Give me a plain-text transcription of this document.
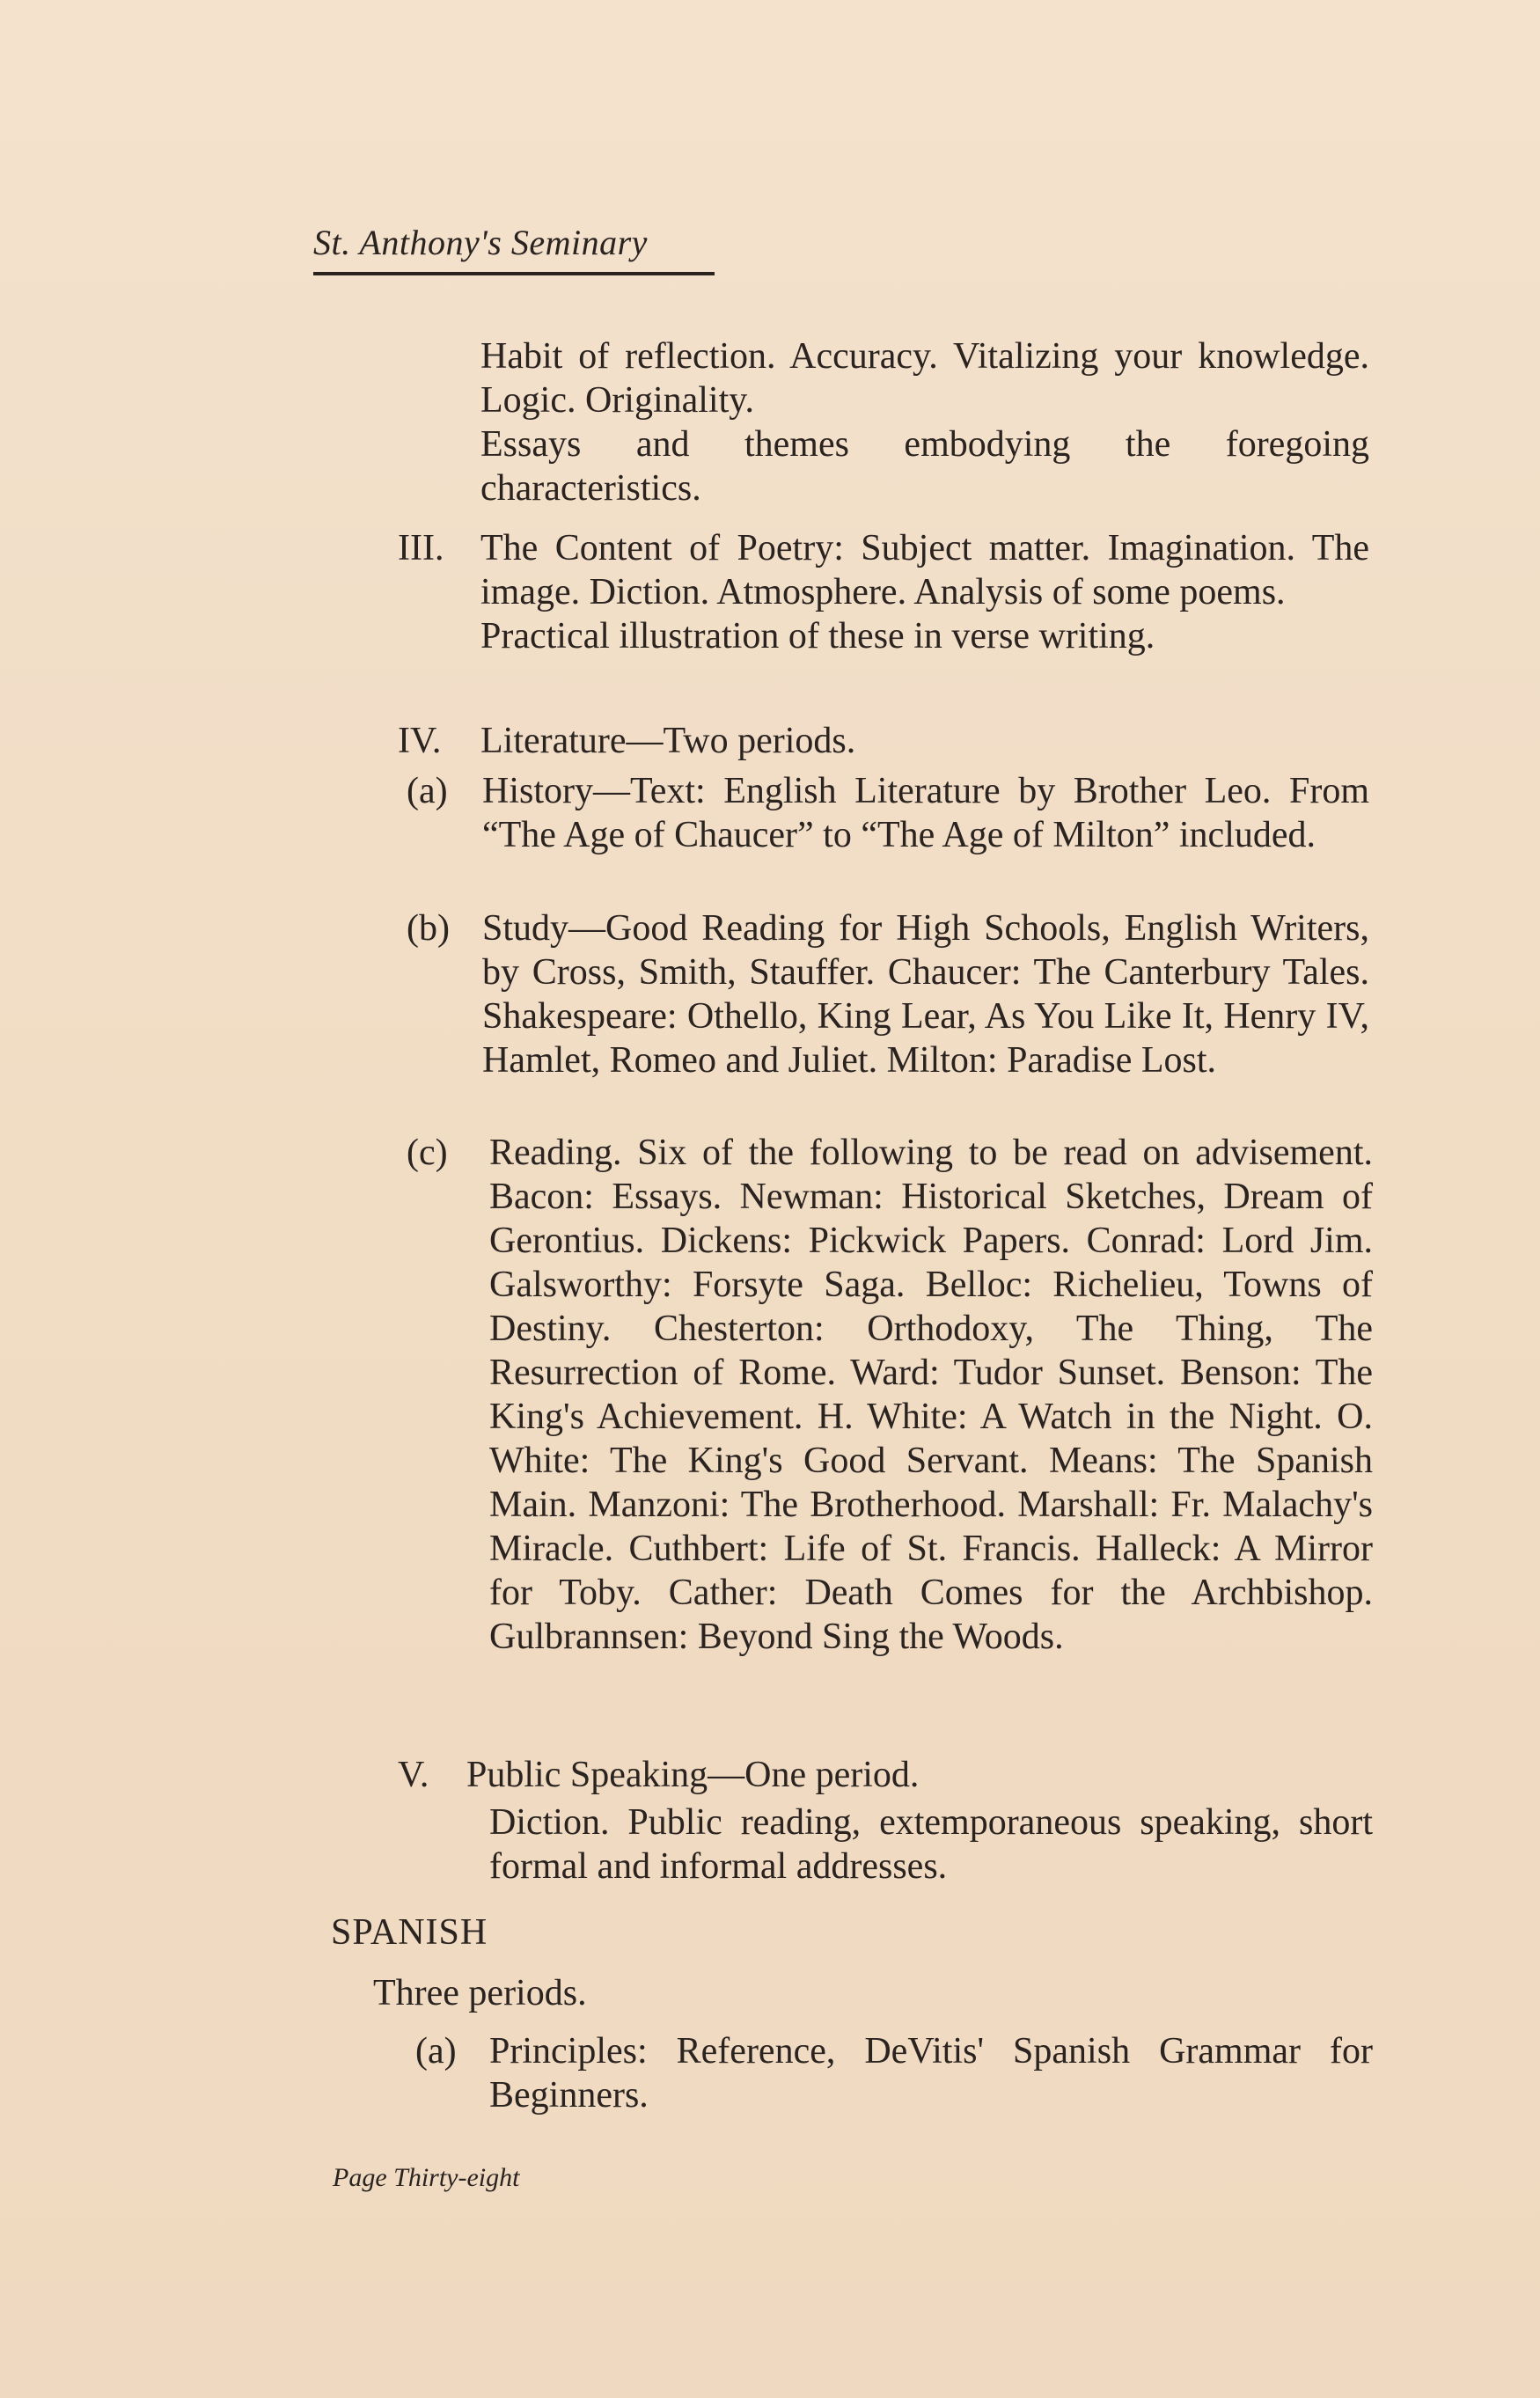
St. Anthony's Seminary

Habit of reflection. Accuracy. Vitalizing your knowledge. Logic. Originality.

Essays and themes embodying the foregoing characteristics.

III. The Content of Poetry: Subject matter. Imagination. The image. Diction. Atmosphere. Analysis of some poems.

Practical illustration of these in verse writing.

IV. Literature—Two periods.

(a) History—Text: English Literature by Brother Leo. From “The Age of Chaucer” to “The Age of Milton” included.

(b) Study—Good Reading for High Schools, English Writers, by Cross, Smith, Stauffer. Chaucer: The Canterbury Tales. Shakespeare: Othello, King Lear, As You Like It, Henry IV, Hamlet, Romeo and Juliet. Milton: Paradise Lost.

(c) Reading. Six of the following to be read on advisement. Bacon: Essays. Newman: Historical Sketches, Dream of Gerontius. Dickens: Pickwick Papers. Conrad: Lord Jim. Galsworthy: Forsyte Saga. Belloc: Richelieu, Towns of Destiny. Chesterton: Orthodoxy, The Thing, The Resurrection of Rome. Ward: Tudor Sunset. Benson: The King's Achievement. H. White: A Watch in the Night. O. White: The King's Good Servant. Means: The Spanish Main. Manzoni: The Brotherhood. Marshall: Fr. Malachy's Miracle. Cuthbert: Life of St. Francis. Halleck: A Mirror for Toby. Cather: Death Comes for the Archbishop. Gulbrannsen: Beyond Sing the Woods.

V. Public Speaking—One period.

Diction. Public reading, extemporaneous speaking, short formal and informal addresses.

SPANISH

Three periods.

(a) Principles: Reference, DeVitis' Spanish Grammar for Beginners.

Page Thirty-eight
